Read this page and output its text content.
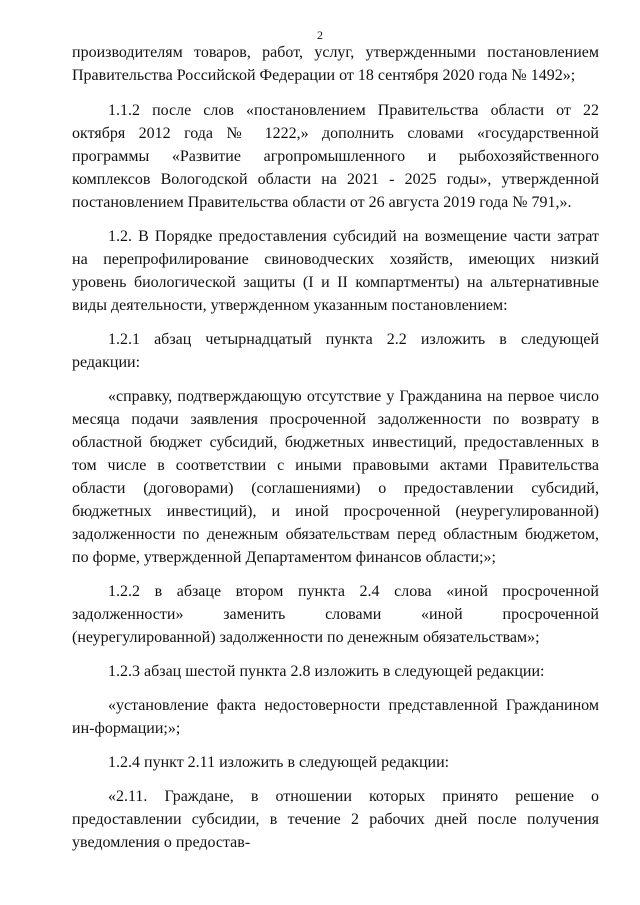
2

производителям товаров, работ, услуг, утвержденными постановлением Правительства Российской Федерации от 18 сентября 2020 года № 1492»;

1.1.2 после слов «постановлением Правительства области от 22 октября 2012 года № 1222,» дополнить словами «государственной программы «Развитие агропромышленного и рыбохозяйственного комплексов Вологодской области на 2021 - 2025 годы», утвержденной постановлением Правительства области от 26 августа 2019 года № 791,».

1.2. В Порядке предоставления субсидий на возмещение части затрат на перепрофилирование свиноводческих хозяйств, имеющих низкий уровень биологической защиты (I и II компартменты) на альтернативные виды деятельности, утвержденном указанным постановлением:

1.2.1 абзац четырнадцатый пункта 2.2 изложить в следующей редакции:

«справку, подтверждающую отсутствие у Гражданина на первое число месяца подачи заявления просроченной задолженности по возврату в областной бюджет субсидий, бюджетных инвестиций, предоставленных в том числе в соответствии с иными правовыми актами Правительства области (договорами) (соглашениями) о предоставлении субсидий, бюджетных инвестиций), и иной просроченной (неурегулированной) задолженности по денежным обязательствам перед областным бюджетом, по форме, утвержденной Департаментом финансов области;»;

1.2.2 в абзаце втором пункта 2.4 слова «иной просроченной задолженности» заменить словами «иной просроченной (неурегулированной) задолженности по денежным обязательствам»;

1.2.3 абзац шестой пункта 2.8 изложить в следующей редакции:

«установление факта недостоверности представленной Гражданином ин-формации;»;

1.2.4 пункт 2.11 изложить в следующей редакции:

«2.11. Граждане, в отношении которых принято решение о предоставлении субсидии, в течение 2 рабочих дней после получения уведомления о предостав-
